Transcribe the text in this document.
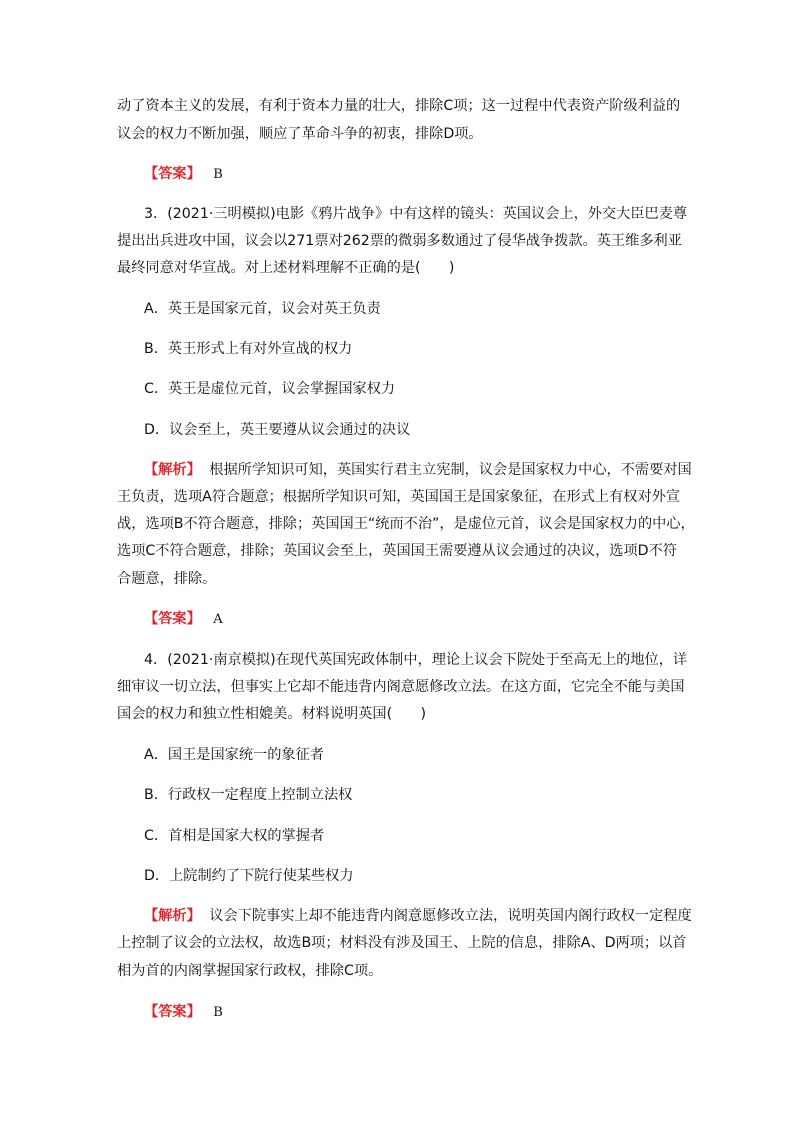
动了资本主义的发展，有利于资本力量的壮大，排除C项；这一过程中代表资产阶级利益的
议会的权力不断加强，顺应了革命斗争的初衷，排除D项。
【答案】 B
3．(2021·三明模拟)电影《鸦片战争》中有这样的镜头：英国议会上，外交大臣巴麦尊
提出出兵进攻中国，议会以271票对262票的微弱多数通过了侵华战争拨款。英王维多利亚
最终同意对华宣战。对上述材料理解不正确的是(　　)
A．英王是国家元首，议会对英王负责
B．英王形式上有对外宣战的权力
C．英王是虚位元首，议会掌握国家权力
D．议会至上，英王要遵从议会通过的决议
【解析】 根据所学知识可知，英国实行君主立宪制，议会是国家权力中心，不需要对国
王负责，选项A符合题意；根据所学知识可知，英国国王是国家象征，在形式上有权对外宣
战，选项B不符合题意，排除；英国国王“统而不治”，是虚位元首，议会是国家权力的中心，
选项C不符合题意，排除；英国议会至上，英国国王需要遵从议会通过的决议，选项D不符
合题意，排除。
【答案】 A
4．(2021·南京模拟)在现代英国宪政体制中，理论上议会下院处于至高无上的地位，详
细审议一切立法，但事实上它却不能违背内阁意愿修改立法。在这方面，它完全不能与美国
国会的权力和独立性相媲美。材料说明英国(　　)
A．国王是国家统一的象征者
B．行政权一定程度上控制立法权
C．首相是国家大权的掌握者
D．上院制约了下院行使某些权力
【解析】 议会下院事实上却不能违背内阁意愿修改立法，说明英国内阁行政权一定程度
上控制了议会的立法权，故选B项；材料没有涉及国王、上院的信息，排除A、D两项；以首
相为首的内阁掌握国家行政权，排除C项。
【答案】 B
